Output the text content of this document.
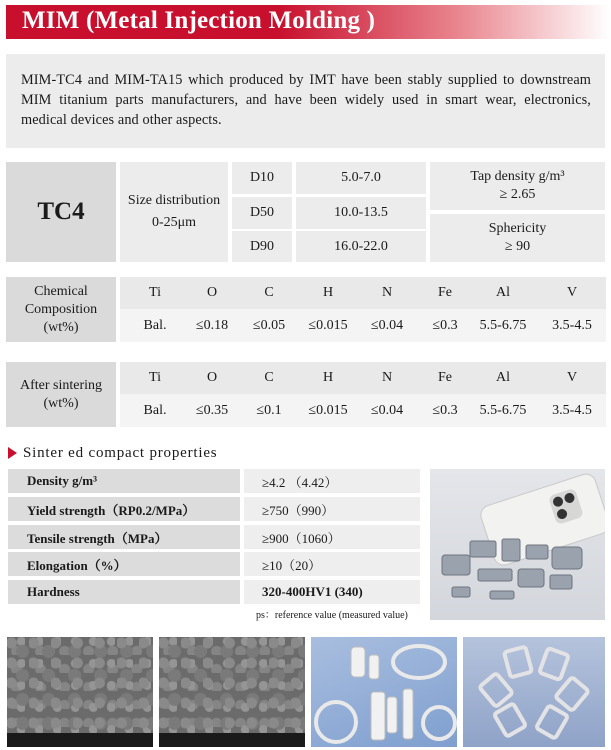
MIM (Metal Injection Molding )

MIM-TC4 and MIM-TA15 which produced by IMT have been stably supplied to downstream MIM titanium parts manufacturers, and have been widely used in smart wear, electronics, medical devices and other aspects.

TC4	Size distribution
0-25μm
D10	5.0-7.0
D50	10.0-13.5
D90	16.0-22.0
Tap density g/m³
≥ 2.65
Sphericity
≥ 90
Chemical Composition (wt%)
Ti	O	C	H	N	Fe	Al	V
Bal.	≤0.18	≤0.05	≤0.015	≤0.04	≤0.3	5.5-6.75	3.5-4.5
After sintering (wt%)
Ti	O	C	H	N	Fe	Al	V
Bal.	≤0.35	≤0.1	≤0.015	≤0.04	≤0.3	5.5-6.75	3.5-4.5
Sinter ed compact properties
Density g/m³	≥4.2 （4.42）
Yield strength（RP0.2/MPa）	≥750（990）
Tensile strength（MPa）	≥900（1060）
Elongation（%）	≥10（20）
Hardness	320-400HV1 (340)
ps：reference value (measured value)
